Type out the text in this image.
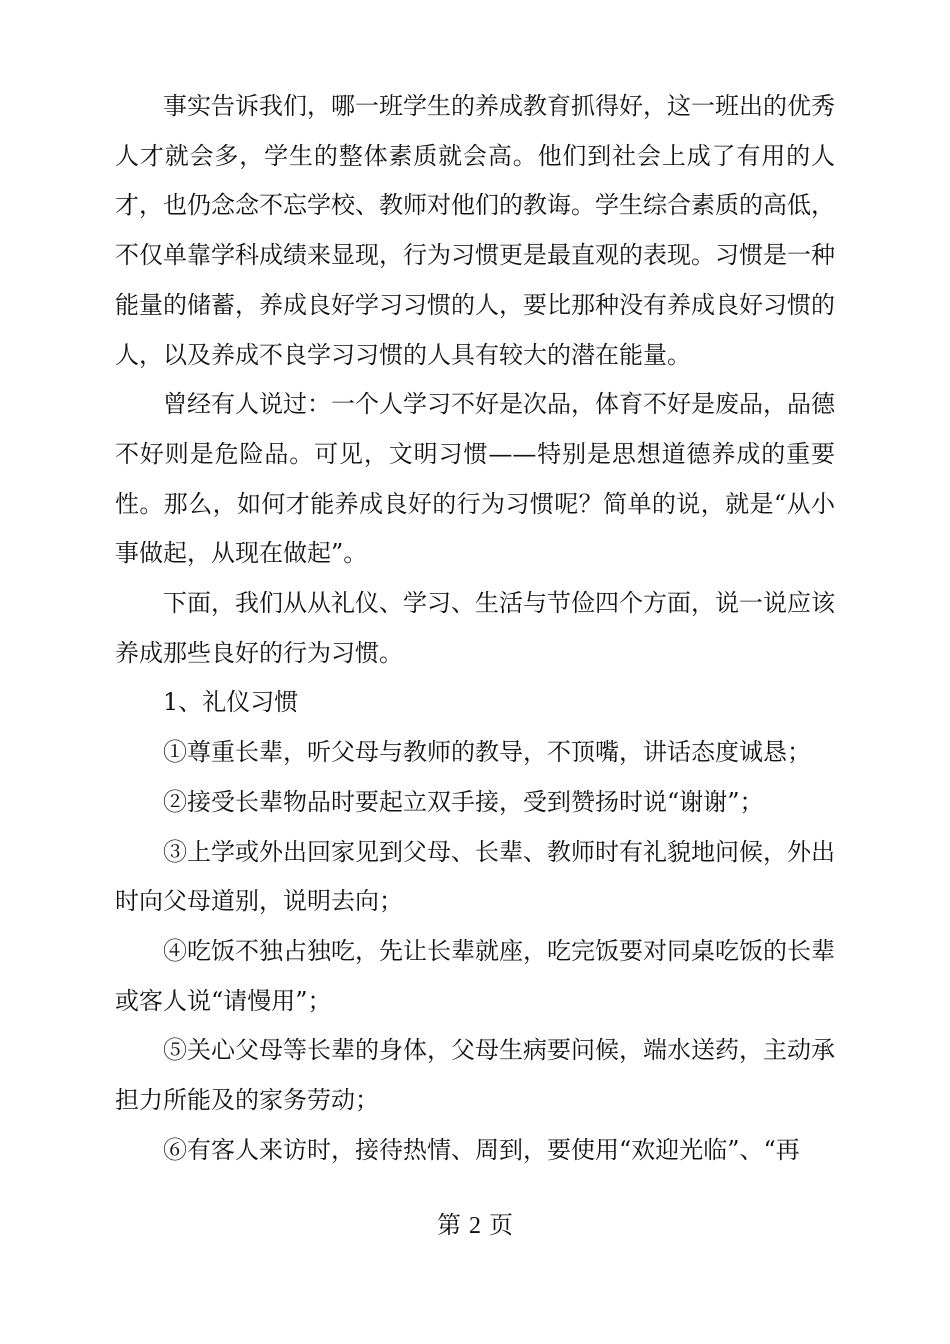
事实告诉我们，哪一班学生的养成教育抓得好，这一班出的优秀人才就会多，学生的整体素质就会高。他们到社会上成了有用的人才，也仍念念不忘学校、教师对他们的教诲。学生综合素质的高低，不仅单靠学科成绩来显现，行为习惯更是最直观的表现。习惯是一种能量的储蓄，养成良好学习习惯的人，要比那种没有养成良好习惯的人，以及养成不良学习习惯的人具有较大的潜在能量。

曾经有人说过：一个人学习不好是次品，体育不好是废品，品德不好则是危险品。可见，文明习惯——特别是思想道德养成的重要性。那么，如何才能养成良好的行为习惯呢？简单的说，就是“从小事做起，从现在做起”。

下面，我们从从礼仪、学习、生活与节俭四个方面，说一说应该养成那些良好的行为习惯。

1、礼仪习惯

①尊重长辈，听父母与教师的教导，不顶嘴，讲话态度诚恳；

②接受长辈物品时要起立双手接，受到赞扬时说“谢谢”；

③上学或外出回家见到父母、长辈、教师时有礼貌地问候，外出时向父母道别，说明去向；

④吃饭不独占独吃，先让长辈就座，吃完饭要对同桌吃饭的长辈或客人说“请慢用”；

⑤关心父母等长辈的身体，父母生病要问候，端水送药，主动承担力所能及的家务劳动；

⑥有客人来访时，接待热情、周到，要使用“欢迎光临”、“再

第 2 页
